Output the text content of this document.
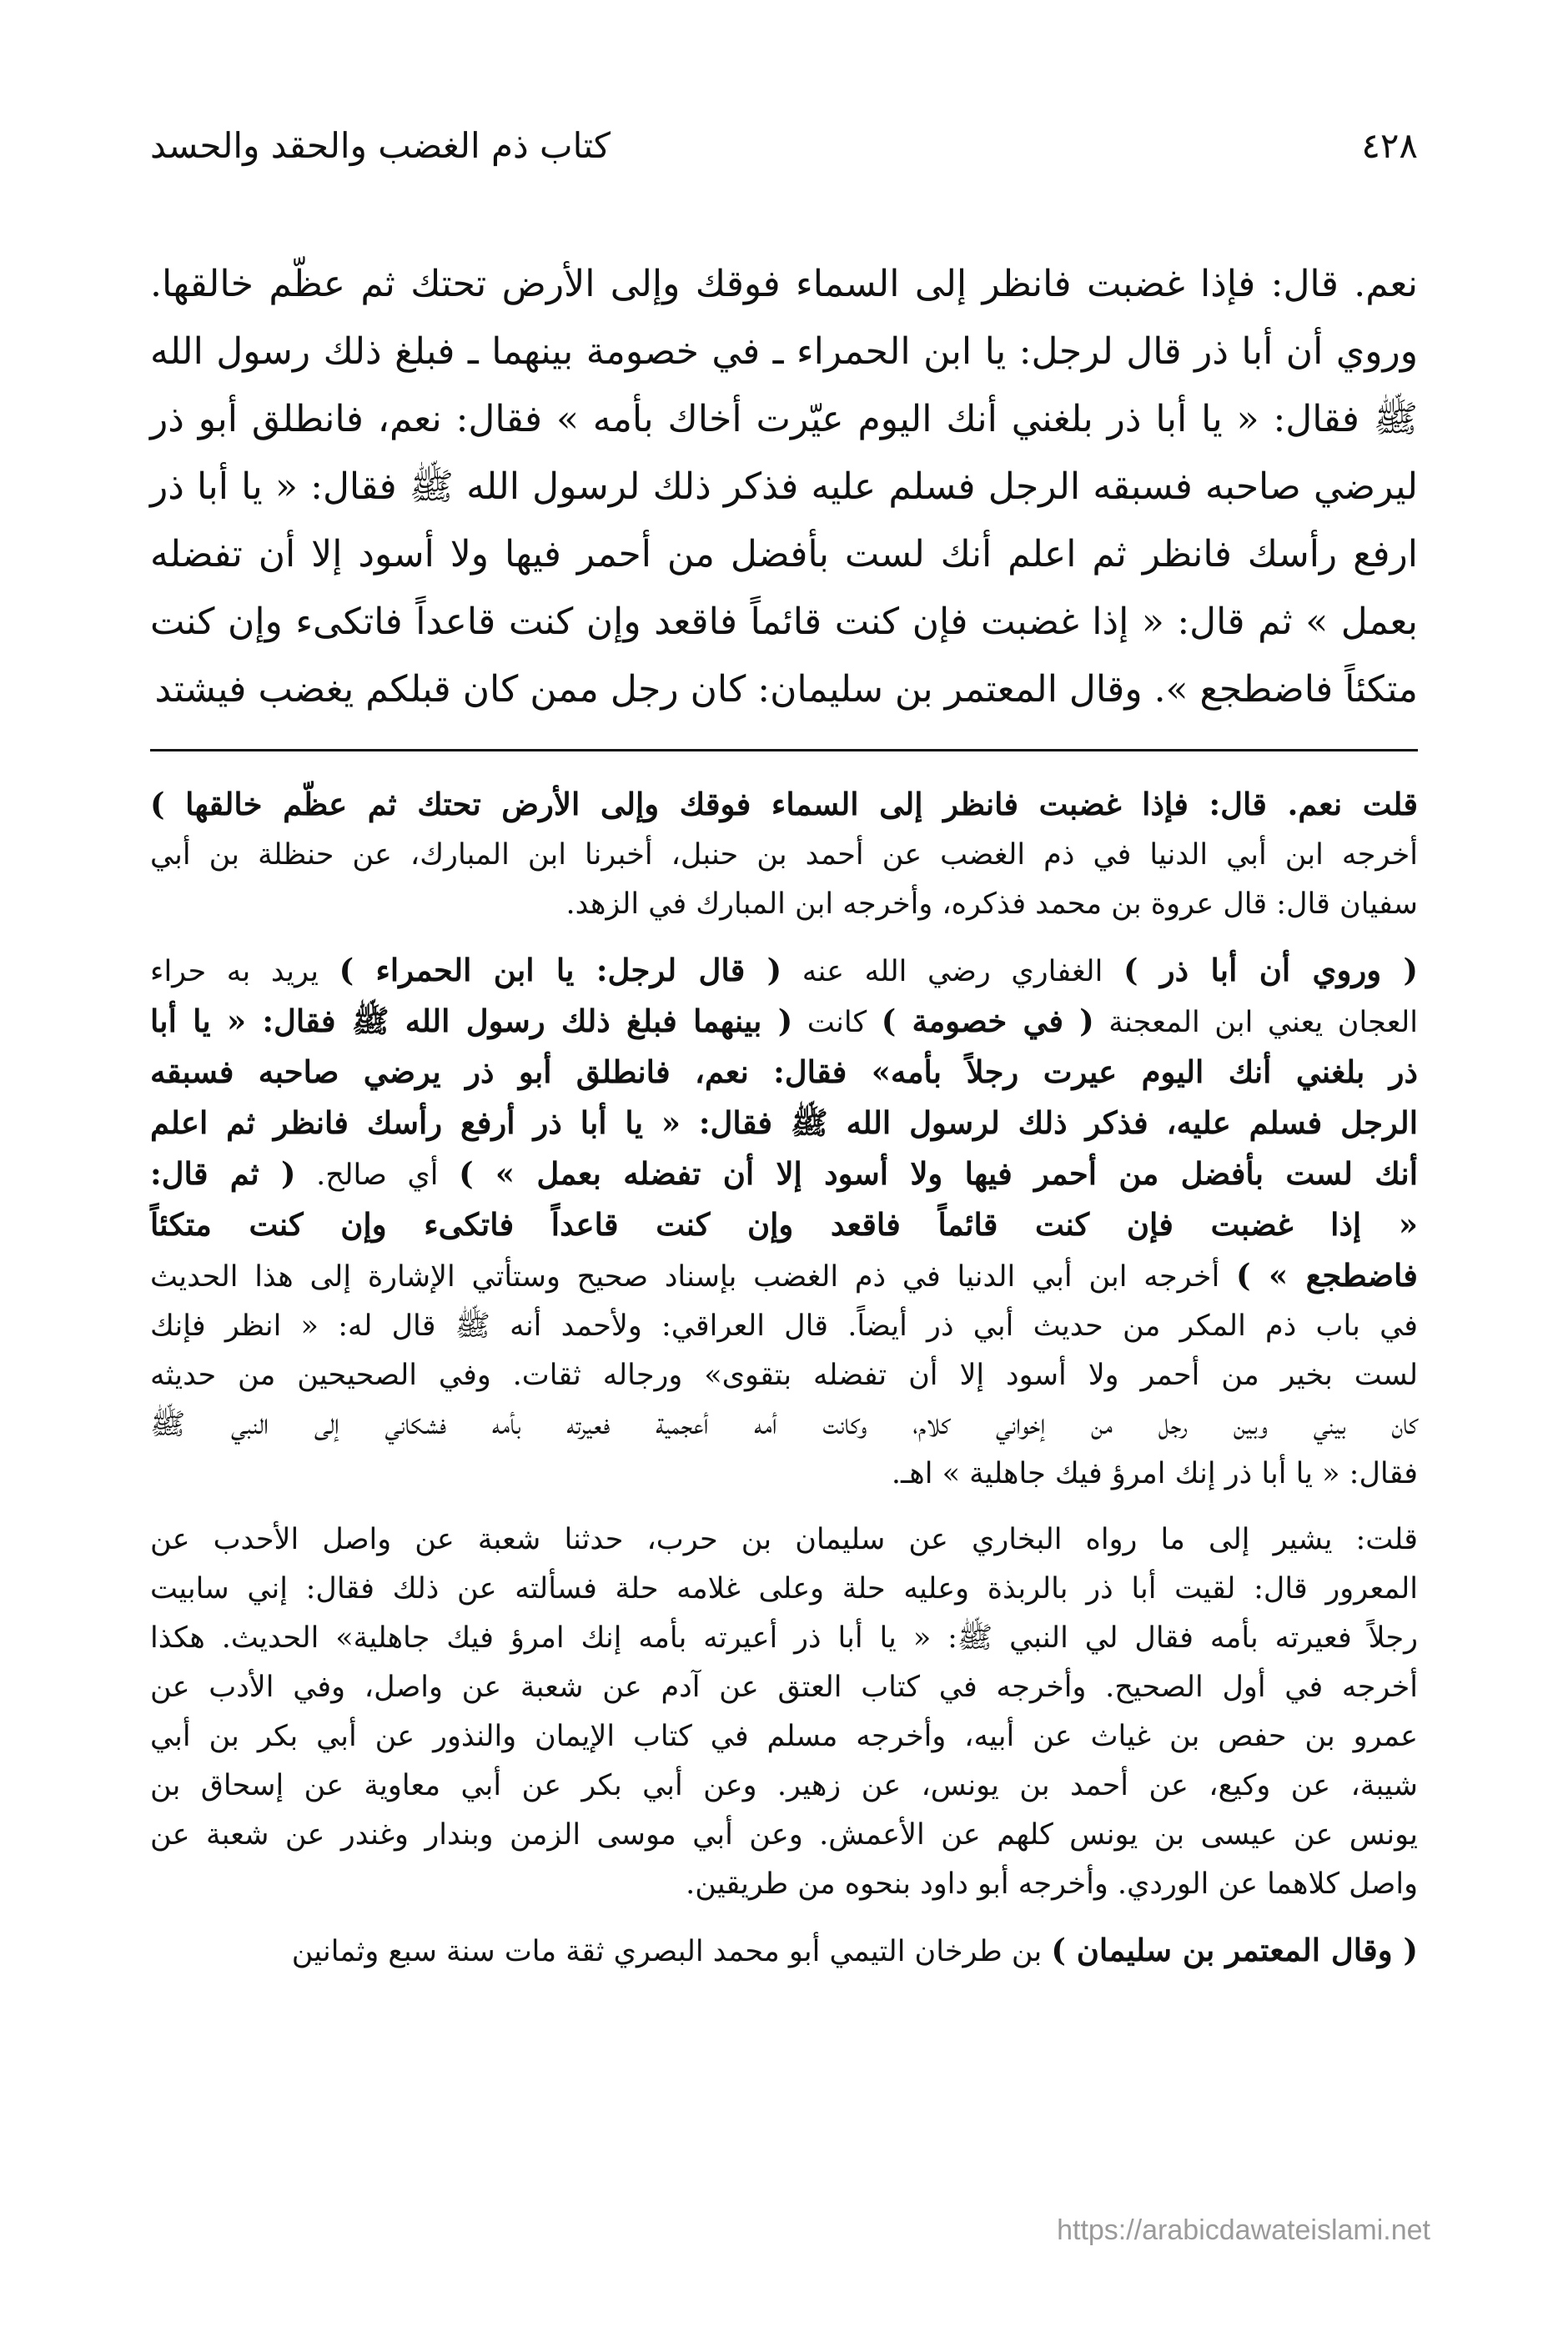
٤٢٨
كتاب ذم الغضب والحقد والحسد

نعم. قال: فإذا غضبت فانظر إلى السماء فوقك وإلى الأرض تحتك ثم عظّم خالقها.

وروي أن أبا ذر قال لرجل: يا ابن الحمراء ـ في خصومة بينهما ـ فبلغ ذلك رسول الله

ﷺ فقال: « يا أبا ذر بلغني أنك اليوم عيّرت أخاك بأمه » فقال: نعم، فانطلق أبو ذر

ليرضي صاحبه فسبقه الرجل فسلم عليه فذكر ذلك لرسول الله ﷺ فقال: « يا أبا ذر

ارفع رأسك فانظر ثم اعلم أنك لست بأفضل من أحمر فيها ولا أسود إلا أن تفضله

بعمل » ثم قال: « إذا غضبت فإن كنت قائماً فاقعد وإن كنت قاعداً فاتكىء وإن كنت

متكئاً فاضطجع ». وقال المعتمر بن سليمان: كان رجل ممن كان قبلكم يغضب فيشتد

قلت نعم. قال: فإذا غضبت فانظر إلى السماء فوقك وإلى الأرض تحتك ثم عظّم خالقها )

أخرجه ابن أبي الدنيا في ذم الغضب عن أحمد بن حنبل، أخبرنا ابن المبارك، عن حنظلة بن أبي

سفيان قال: قال عروة بن محمد فذكره، وأخرجه ابن المبارك في الزهد.

( وروي أن أبا ذر ) الغفاري رضي الله عنه ( قال لرجل: يا ابن الحمراء ) يريد به حراء

العجان يعني ابن المعجنة ( في خصومة ) كانت ( بينهما فبلغ ذلك رسول الله ﷺ فقال: « يا أبا

ذر بلغني أنك اليوم عيرت رجلاً بأمه» فقال: نعم، فانطلق أبو ذر يرضي صاحبه فسبقه

الرجل فسلم عليه، فذكر ذلك لرسول الله ﷺ فقال: « يا أبا ذر أرفع رأسك فانظر ثم اعلم

أنك لست بأفضل من أحمر فيها ولا أسود إلا أن تفضله بعمل » ) أي صالح. ( ثم قال:

« إذا غضبت فإن كنت قائماً فاقعد وإن كنت قاعداً فاتكىء وإن كنت متكئاً

فاضطجع » ) أخرجه ابن أبي الدنيا في ذم الغضب بإسناد صحيح وستأتي الإشارة إلى هذا الحديث

في باب ذم المكر من حديث أبي ذر أيضاً. قال العراقي: ولأحمد أنه ﷺ قال له: « انظر فإنك

لست بخير من أحمر ولا أسود إلا أن تفضله بتقوى» ورجاله ثقات. وفي الصحيحين من حديثه

كان بيني وبين رجل من إخواني كلام، وكانت أمه أعجمية فعيرته بأمه فشكاني إلى النبي ﷺ

فقال: « يا أبا ذر إنك امرؤ فيك جاهلية » اهـ.

قلت: يشير إلى ما رواه البخاري عن سليمان بن حرب، حدثنا شعبة عن واصل الأحدب عن

المعرور قال: لقيت أبا ذر بالربذة وعليه حلة وعلى غلامه حلة فسألته عن ذلك فقال: إني سابيت

رجلاً فعيرته بأمه فقال لي النبي ﷺ: « يا أبا ذر أعيرته بأمه إنك امرؤ فيك جاهلية» الحديث. هكذا

أخرجه في أول الصحيح. وأخرجه في كتاب العتق عن آدم عن شعبة عن واصل، وفي الأدب عن

عمرو بن حفص بن غياث عن أبيه، وأخرجه مسلم في كتاب الإيمان والنذور عن أبي بكر بن أبي

شيبة، عن وكيع، عن أحمد بن يونس، عن زهير. وعن أبي بكر عن أبي معاوية عن إسحاق بن

يونس عن عيسى بن يونس كلهم عن الأعمش. وعن أبي موسى الزمن وبندار وغندر عن شعبة عن

واصل كلاهما عن الوردي. وأخرجه أبو داود بنحوه من طريقين.

( وقال المعتمر بن سليمان ) بن طرخان التيمي أبو محمد البصري ثقة مات سنة سبع وثمانين

https://arabicdawateislami.net
